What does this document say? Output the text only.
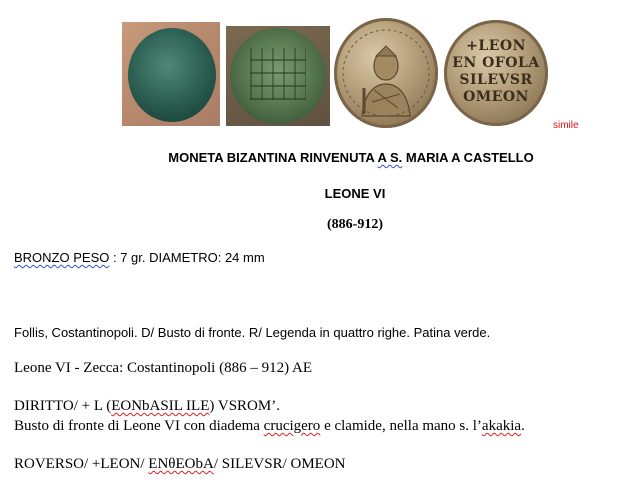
+LEON
EN OFOLA
SILEVSR
OMEON
simile
MONETA BIZANTINA RINVENUTA A S. MARIA A CASTELLO
LEONE VI
(886-912)
BRONZO PESO : 7 gr. DIAMETRO: 24 mm
Follis, Costantinopoli. D/ Busto di fronte. R/ Legenda in quattro righe. Patina verde.
Leone VI - Zecca: Costantinopoli (886 – 912) AE
DIRITTO/ + L (EONbASIL ILE) VSROM’.
Busto di fronte di Leone VI con diadema crucigero e clamide, nella mano s. l’akakia.
ROVERSO/ +LEON/ ENθEObA/ SILEVSR/ OMEON
